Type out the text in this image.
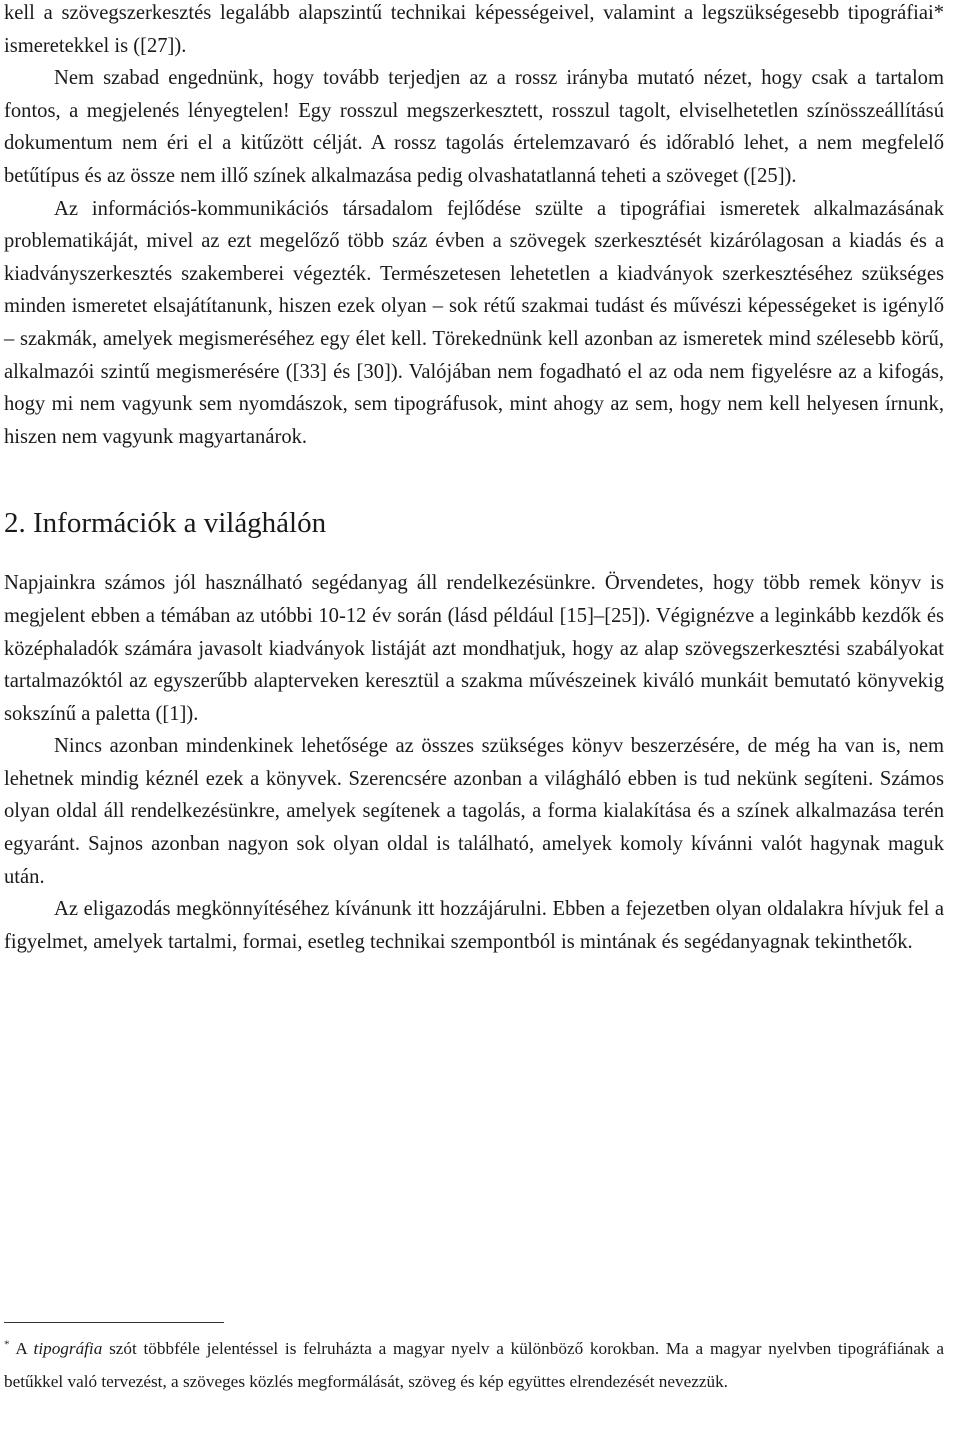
kell a szövegszerkesztés legalább alapszintű technikai képességeivel, valamint a legszükségesebb tipográfiai* ismeretekkel is ([27]).

Nem szabad engednünk, hogy tovább terjedjen az a rossz irányba mutató nézet, hogy csak a tartalom fontos, a megjelenés lényegtelen! Egy rosszul megszerkesztett, rosszul tagolt, elviselhetetlen színösszeállítású dokumentum nem éri el a kitűzött célját. A rossz tagolás értelemzavaró és időrabló lehet, a nem megfelelő betűtípus és az össze nem illő színek alkalmazása pedig olvashatatlanná teheti a szöveget ([25]).

Az információs-kommunikációs társadalom fejlődése szülte a tipográfiai ismeretek alkalmazásának problematikáját, mivel az ezt megelőző több száz évben a szövegek szerkesztését kizárólagosan a kiadás és a kiadványszerkesztés szakemberei végezték. Természetesen lehetetlen a kiadványok szerkesztéséhez szükséges minden ismeretet elsajátítanunk, hiszen ezek olyan – sok rétű szakmai tudást és művészi képességeket is igénylő – szakmák, amelyek megismeréséhez egy élet kell. Törekednünk kell azonban az ismeretek mind szélesebb körű, alkalmazói szintű megismerésére ([33] és [30]). Valójában nem fogadható el az oda nem figyelésre az a kifogás, hogy mi nem vagyunk sem nyomdászok, sem tipográfusok, mint ahogy az sem, hogy nem kell helyesen írnunk, hiszen nem vagyunk magyartanárok.

2. Információk a világhálón

Napjainkra számos jól használható segédanyag áll rendelkezésünkre. Örvendetes, hogy több remek könyv is megjelent ebben a témában az utóbbi 10-12 év során (lásd például [15]–[25]). Végignézve a leginkább kezdők és középhaladók számára javasolt kiadványok listáját azt mondhatjuk, hogy az alap szövegszerkesztési szabályokat tartalmazóktól az egyszerűbb alapterveken keresztül a szakma művészeinek kiváló munkáit bemutató könyvekig sokszínű a paletta ([1]).

Nincs azonban mindenkinek lehetősége az összes szükséges könyv beszerzésére, de még ha van is, nem lehetnek mindig kéznél ezek a könyvek. Szerencsére azonban a világháló ebben is tud nekünk segíteni. Számos olyan oldal áll rendelkezésünkre, amelyek segítenek a tagolás, a forma kialakítása és a színek alkalmazása terén egyaránt. Sajnos azonban nagyon sok olyan oldal is található, amelyek komoly kívánni valót hagynak maguk után.

Az eligazodás megkönnyítéséhez kívánunk itt hozzájárulni. Ebben a fejezetben olyan oldalakra hívjuk fel a figyelmet, amelyek tartalmi, formai, esetleg technikai szempontból is mintának és segédanyagnak tekinthetők.

* A tipográfia szót többféle jelentéssel is felruházta a magyar nyelv a különböző korokban. Ma a magyar nyelvben tipográfiának a betűkkel való tervezést, a szöveges közlés megformálását, szöveg és kép együttes elrendezését nevezzük.
